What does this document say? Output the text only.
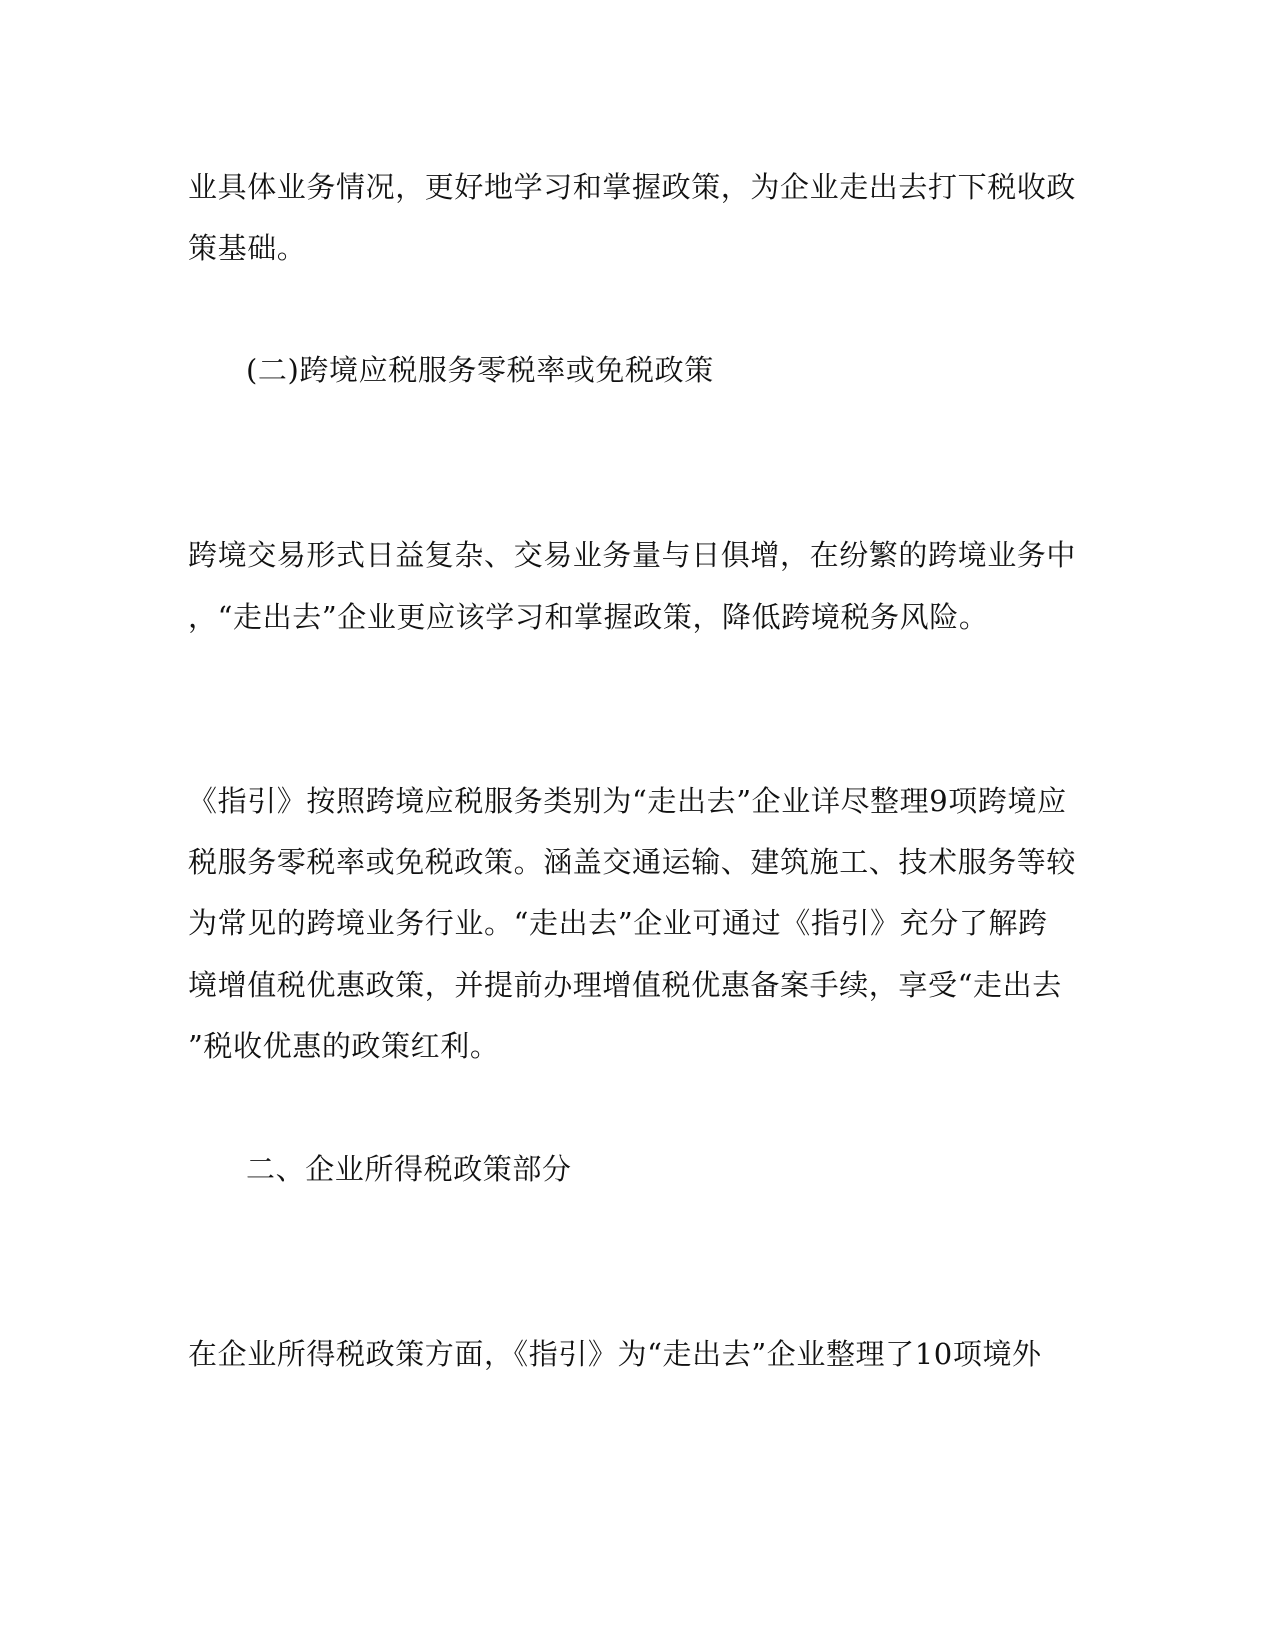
业具体业务情况，更好地学习和掌握政策，为企业走出去打下税收政
策基础。
(二)跨境应税服务零税率或免税政策
跨境交易形式日益复杂、交易业务量与日俱增，在纷繁的跨境业务中
，“走出去”企业更应该学习和掌握政策，降低跨境税务风险。
《指引》按照跨境应税服务类别为“走出去”企业详尽整理9项跨境应
税服务零税率或免税政策。涵盖交通运输、建筑施工、技术服务等较
为常见的跨境业务行业。“走出去”企业可通过《指引》充分了解跨
境增值税优惠政策，并提前办理增值税优惠备案手续，享受“走出去
”税收优惠的政策红利。
二、企业所得税政策部分
在企业所得税政策方面，《指引》为“走出去”企业整理了10项境外
